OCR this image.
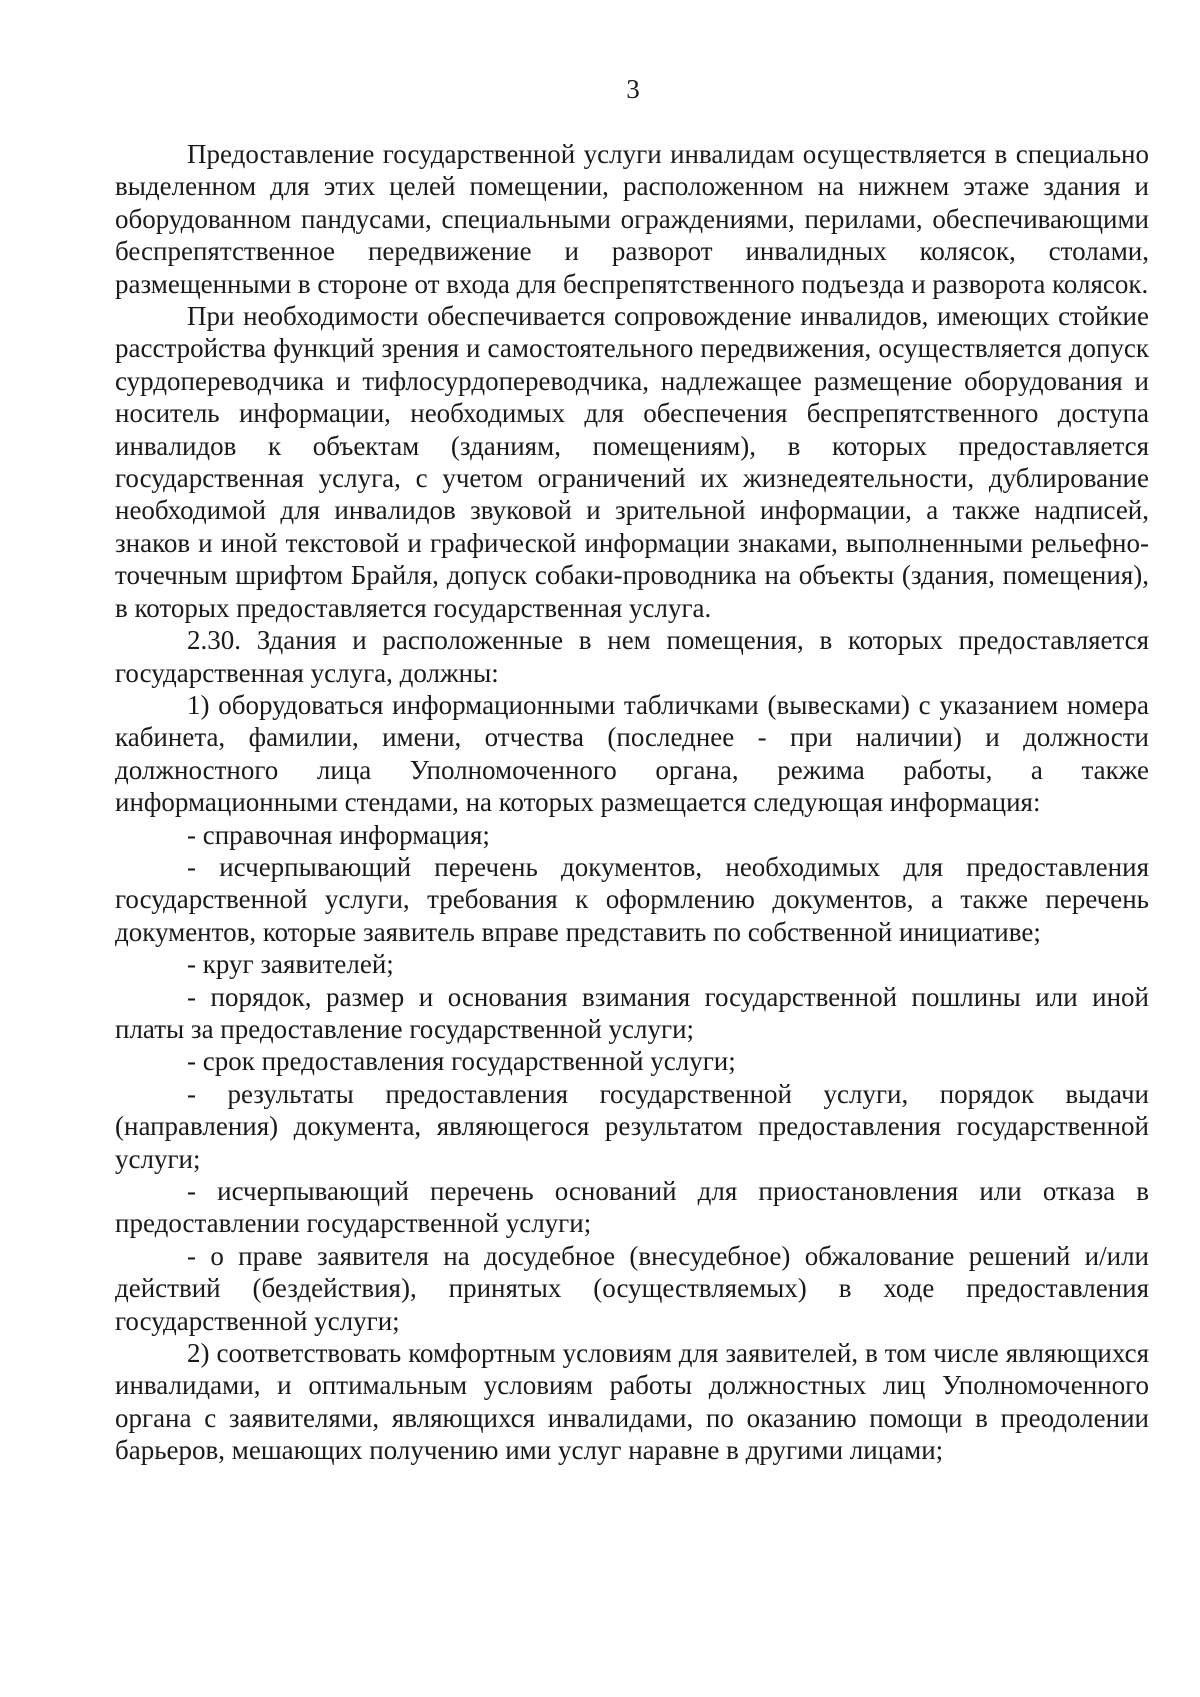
3

Предоставление государственной услуги инвалидам осуществляется в специально выделенном для этих целей помещении, расположенном на нижнем этаже здания и оборудованном пандусами, специальными ограждениями, перилами, обеспечивающими беспрепятственное передвижение и разворот инвалидных колясок, столами, размещенными в стороне от входа для беспрепятственного подъезда и разворота колясок.

При необходимости обеспечивается сопровождение инвалидов, имеющих стойкие расстройства функций зрения и самостоятельного передвижения, осуществляется допуск сурдопереводчика и тифлосурдопереводчика, надлежащее размещение оборудования и носитель информации, необходимых для обеспечения беспрепятственного доступа инвалидов к объектам (зданиям, помещениям), в которых предоставляется государственная услуга, с учетом ограничений их жизнедеятельности, дублирование необходимой для инвалидов звуковой и зрительной информации, а также надписей, знаков и иной текстовой и графической информации знаками, выполненными рельефно-точечным шрифтом Брайля, допуск собаки-проводника на объекты (здания, помещения), в которых предоставляется государственная услуга.

2.30. Здания и расположенные в нем помещения, в которых предоставляется государственная услуга, должны:

1) оборудоваться информационными табличками (вывесками) с указанием номера кабинета, фамилии, имени, отчества (последнее - при наличии) и должности должностного лица Уполномоченного органа, режима работы, а также информационными стендами, на которых размещается следующая информация:

- справочная информация;

- исчерпывающий перечень документов, необходимых для предоставления государственной услуги, требования к оформлению документов, а также перечень документов, которые заявитель вправе представить по собственной инициативе;

- круг заявителей;

- порядок, размер и основания взимания государственной пошлины или иной платы за предоставление государственной услуги;

- срок предоставления государственной услуги;

- результаты предоставления государственной услуги, порядок выдачи (направления) документа, являющегося результатом предоставления государственной услуги;

- исчерпывающий перечень оснований для приостановления или отказа в предоставлении государственной услуги;

- о праве заявителя на досудебное (внесудебное) обжалование решений и/или действий (бездействия), принятых (осуществляемых) в ходе предоставления государственной услуги;

2) соответствовать комфортным условиям для заявителей, в том числе являющихся инвалидами, и оптимальным условиям работы должностных лиц Уполномоченного органа с заявителями, являющихся инвалидами, по оказанию помощи в преодолении барьеров, мешающих получению ими услуг наравне в другими лицами;
